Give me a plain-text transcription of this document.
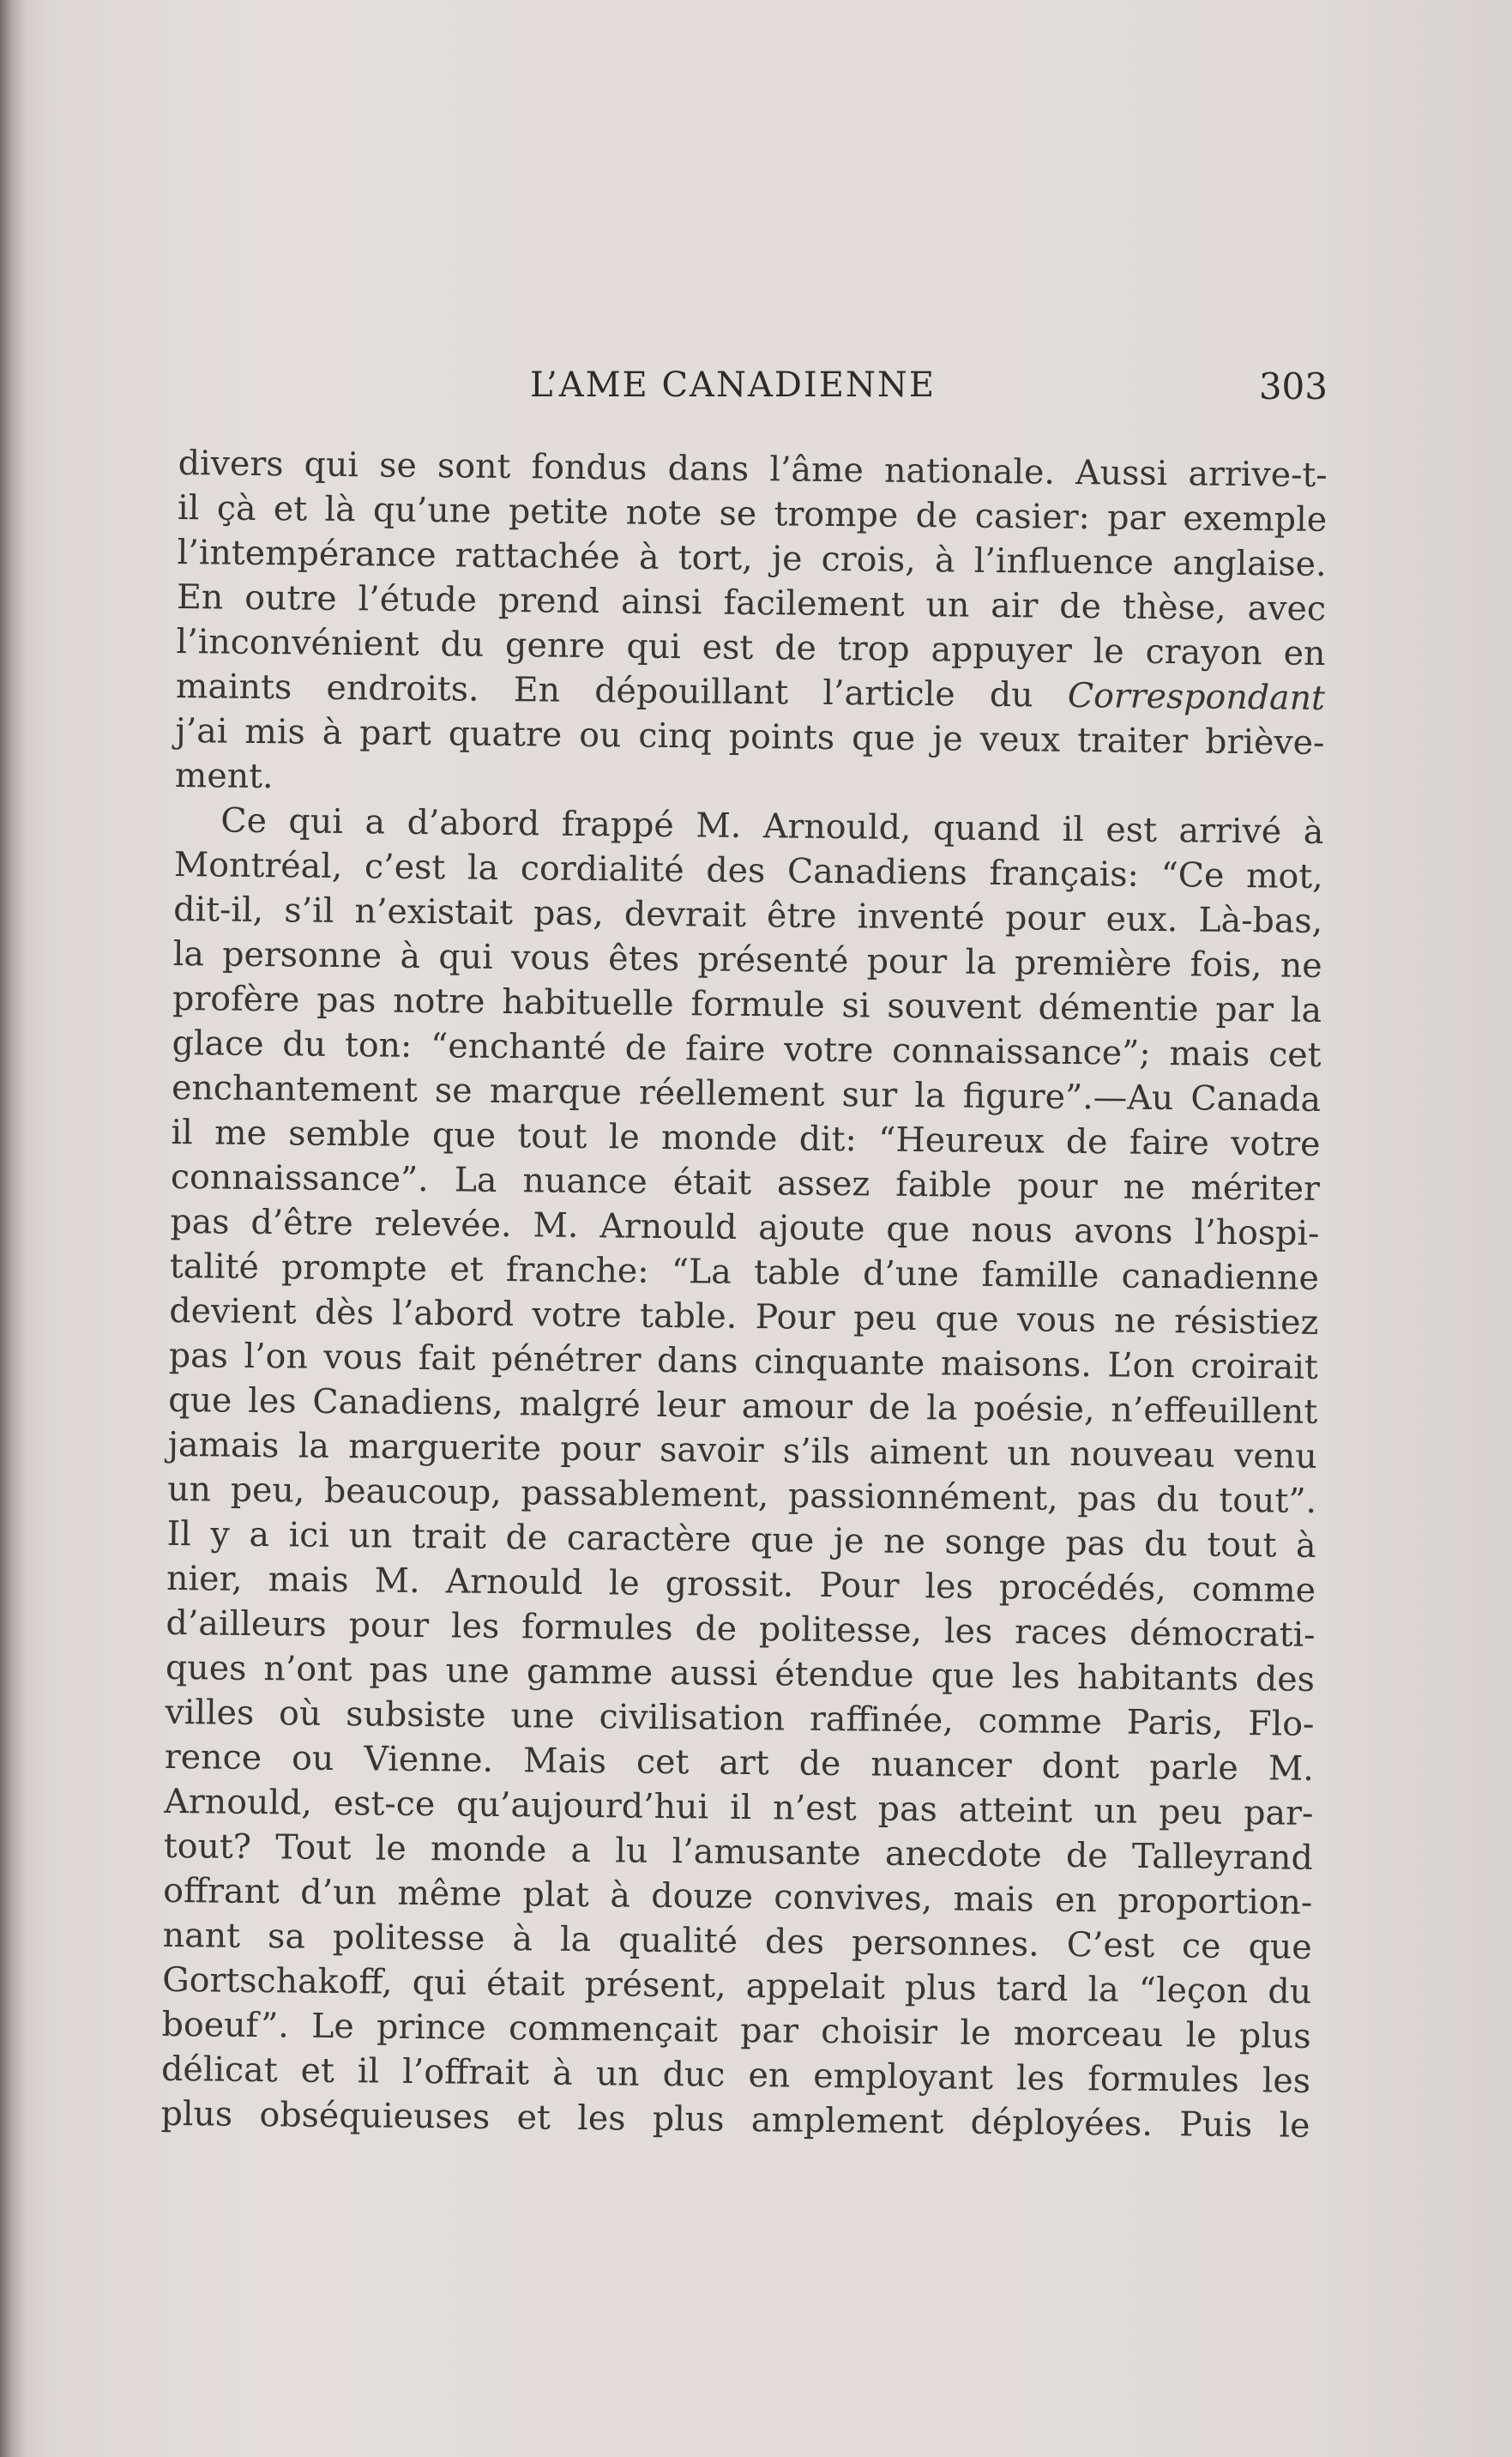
L’AME CANADIENNE	303
divers qui se sont fondus dans l’âme nationale. Aussi arrive-t-
il çà et là qu’une petite note se trompe de casier: par exemple
l’intempérance rattachée à tort, je crois, à l’influence anglaise.
En outre l’étude prend ainsi facilement un air de thèse, avec
l’inconvénient du genre qui est de trop appuyer le crayon en
maints endroits. En dépouillant l’article du Correspondant
j’ai mis à part quatre ou cinq points que je veux traiter briève-
ment.
Ce qui a d’abord frappé M. Arnould, quand il est arrivé à
Montréal, c’est la cordialité des Canadiens français: “Ce mot,
dit-il, s’il n’existait pas, devrait être inventé pour eux. Là-bas,
la personne à qui vous êtes présenté pour la première fois, ne
profère pas notre habituelle formule si souvent démentie par la
glace du ton: “enchanté de faire votre connaissance”; mais cet
enchantement se marque réellement sur la figure”.—Au Canada
il me semble que tout le monde dit: “Heureux de faire votre
connaissance”. La nuance était assez faible pour ne mériter
pas d’être relevée. M. Arnould ajoute que nous avons l’hospi-
talité prompte et franche: “La table d’une famille canadienne
devient dès l’abord votre table. Pour peu que vous ne résistiez
pas l’on vous fait pénétrer dans cinquante maisons. L’on croirait
que les Canadiens, malgré leur amour de la poésie, n’effeuillent
jamais la marguerite pour savoir s’ils aiment un nouveau venu
un peu, beaucoup, passablement, passionnément, pas du tout”.
Il y a ici un trait de caractère que je ne songe pas du tout à
nier, mais M. Arnould le grossit. Pour les procédés, comme
d’ailleurs pour les formules de politesse, les races démocrati-
ques n’ont pas une gamme aussi étendue que les habitants des
villes où subsiste une civilisation raffinée, comme Paris, Flo-
rence ou Vienne. Mais cet art de nuancer dont parle M.
Arnould, est-ce qu’aujourd’hui il n’est pas atteint un peu par-
tout? Tout le monde a lu l’amusante anecdote de Talleyrand
offrant d’un même plat à douze convives, mais en proportion-
nant sa politesse à la qualité des personnes. C’est ce que
Gortschakoff, qui était présent, appelait plus tard la “leçon du
boeuf”. Le prince commençait par choisir le morceau le plus
délicat et il l’offrait à un duc en employant les formules les
plus obséquieuses et les plus amplement déployées. Puis le
